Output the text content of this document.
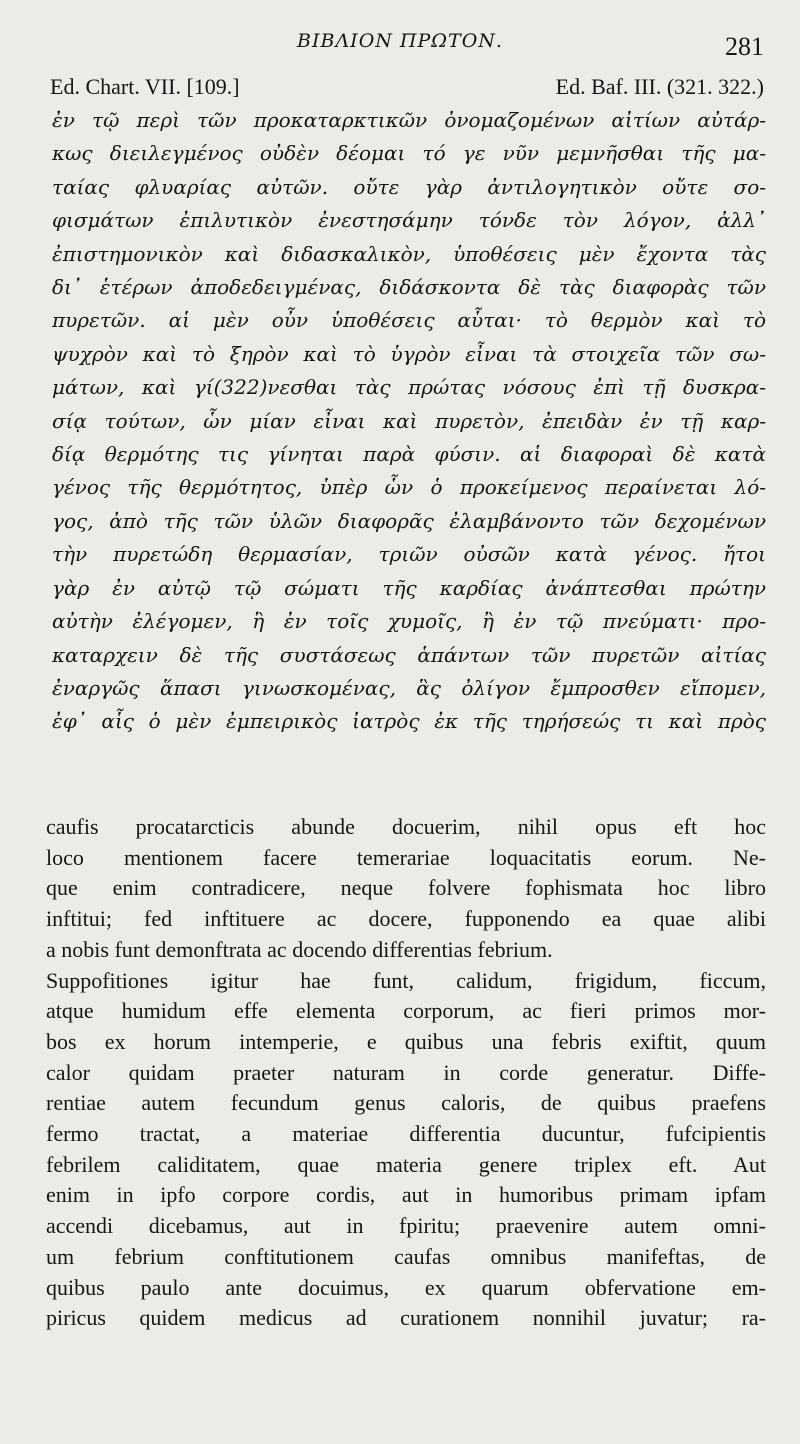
ΒΙΒΛΙΟΝ ΠΡΩΤΟΝ.	281
Ed. Chart. VII. [109.]	Ed. Baf. III. (321. 322.)
ἐν τῷ περὶ τῶν προκαταρκτικῶν ὀνομαζομένων αἰτίων αὐτάρ-
κως διειλεγμένος οὐδὲν δέομαι τό γε νῦν μεμνῆσθαι τῆς μα-
ταίας φλυαρίας αὐτῶν. οὔτε γὰρ ἀντιλογητικὸν οὔτε σο-
φισμάτων ἐπιλυτικὸν ἐνεστησάμην τόνδε τὸν λόγον, ἀλλ᾽
ἐπιστημονικὸν καὶ διδασκαλικὸν, ὑποθέσεις μὲν ἔχοντα τὰς
δι᾽ ἑτέρων ἀποδεδειγμένας, διδάσκοντα δὲ τὰς διαφορὰς τῶν
πυρετῶν. αἱ μὲν οὖν ὑποθέσεις αὗται· τὸ θερμὸν καὶ τὸ
ψυχρὸν καὶ τὸ ξηρὸν καὶ τὸ ὑγρὸν εἶναι τὰ στοιχεῖα τῶν σω-
μάτων, καὶ γί(322)νεσθαι τὰς πρώτας νόσους ἐπὶ τῇ δυσκρα-
σίᾳ τούτων, ὧν μίαν εἶναι καὶ πυρετὸν, ἐπειδὰν ἐν τῇ καρ-
δίᾳ θερμότης τις γίνηται παρὰ φύσιν. αἱ διαφοραὶ δὲ κατὰ
γένος τῆς θερμότητος, ὑπὲρ ὧν ὁ προκείμενος περαίνεται λό-
γος, ἀπὸ τῆς τῶν ὑλῶν διαφορᾶς ἐλαμβάνοντο τῶν δεχομένων
τὴν πυρετώδη θερμασίαν, τριῶν οὐσῶν κατὰ γένος. ἤτοι
γὰρ ἐν αὐτῷ τῷ σώματι τῆς καρδίας ἀνάπτεσθαι πρώτην
αὐτὴν ἐλέγομεν, ἢ ἐν τοῖς χυμοῖς, ἢ ἐν τῷ πνεύματι· προ-
καταρχειν δὲ τῆς συστάσεως ἁπάντων τῶν πυρετῶν αἰτίας
ἐναργῶς ἅπασι γινωσκομένας, ἃς ὀλίγον ἔμπροσθεν εἴπομεν,
ἐφ᾽ αἷς ὁ μὲν ἐμπειρικὸς ἰατρὸς ἐκ τῆς τηρήσεώς τι καὶ πρὸς
caufis procatarcticis abunde docuerim, nihil opus eft hoc
loco mentionem facere temerariae loquacitatis eorum. Ne-
que enim contradicere, neque folvere fophismata hoc libro
inftitui; fed inftituere ac docere, fupponendo ea quae alibi
a nobis funt demonftrata ac docendo differentias febrium.
Suppofitiones igitur hae funt, calidum, frigidum, ficcum,
atque humidum effe elementa corporum, ac fieri primos mor-
bos ex horum intemperie, e quibus una febris exiftit, quum
calor quidam praeter naturam in corde generatur. Diffe-
rentiae autem fecundum genus caloris, de quibus praefens
fermo tractat, a materiae differentia ducuntur, fufcipientis
febrilem caliditatem, quae materia genere triplex eft. Aut
enim in ipfo corpore cordis, aut in humoribus primam ipfam
accendi dicebamus, aut in fpiritu; praevenire autem omni-
um febrium conftitutionem caufas omnibus manifeftas, de
quibus paulo ante docuimus, ex quarum obfervatione em-
piricus quidem medicus ad curationem nonnihil juvatur; ra-
